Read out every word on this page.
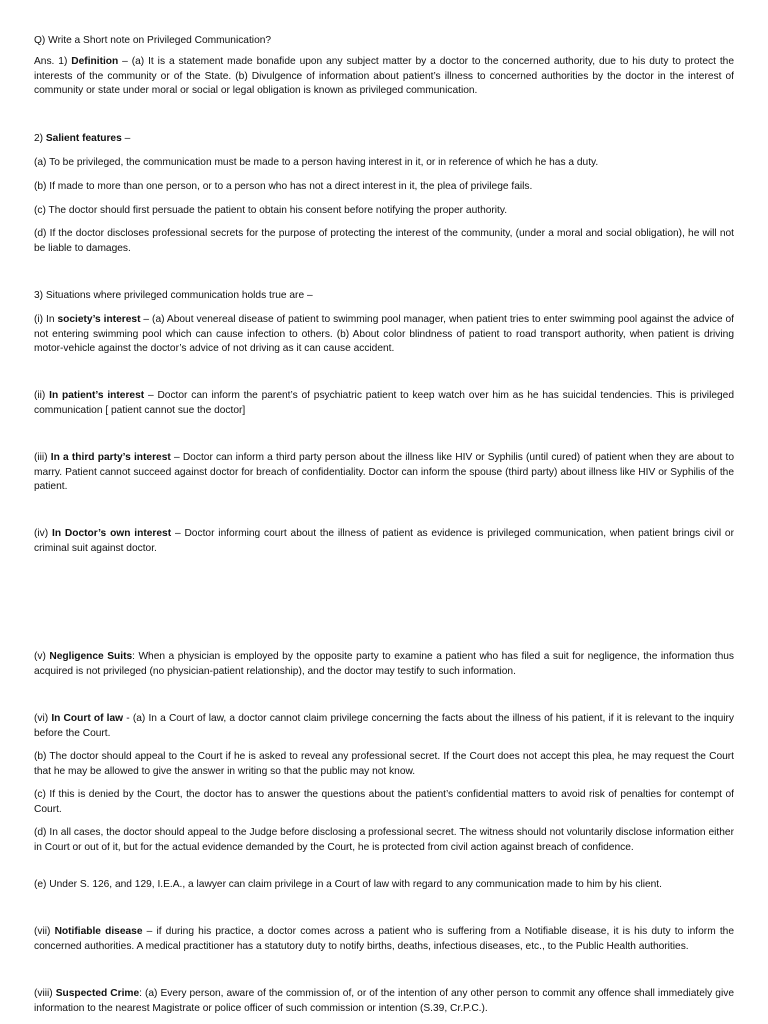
Q) Write a Short note on Privileged Communication?

Ans. 1) Definition – (a) It is a statement made bonafide upon any subject matter by a doctor to the concerned authority, due to his duty to protect the interests of the community or of the State. (b) Divulgence of information about patient’s illness to concerned authorities by the doctor in the interest of community or state under moral or social or legal obligation is known as privileged communication.

2) Salient features –

(a) To be privileged, the communication must be made to a person having interest in it, or in reference of which he has a duty.

(b) If made to more than one person, or to a person who has not a direct interest in it, the plea of privilege fails.

(c) The doctor should first persuade the patient to obtain his consent before notifying the proper authority.

(d) If the doctor discloses professional secrets for the purpose of protecting the interest of the community, (under a moral and social obligation), he will not be liable to damages.

3) Situations where privileged communication holds true are –

(i) In society’s interest – (a) About venereal disease of patient to swimming pool manager, when patient tries to enter swimming pool against the advice of not entering swimming pool which can cause infection to others. (b) About color blindness of patient to road transport authority, when patient is driving motor-vehicle against the doctor’s advice of not driving as it can cause accident.

(ii) In patient’s interest – Doctor can inform the parent’s of psychiatric patient to keep watch over him as he has suicidal tendencies. This is privileged communication [ patient cannot sue the doctor]

(iii) In a third party’s interest – Doctor can inform a third party person about the illness like HIV or Syphilis (until cured) of patient when they are about to marry. Patient cannot succeed against doctor for breach of confidentiality. Doctor can inform the spouse (third party) about illness like HIV or Syphilis of the patient.

(iv) In Doctor’s own interest – Doctor informing court about the illness of patient as evidence is privileged communication, when patient brings civil or criminal suit against doctor.

(v) Negligence Suits: When a physician is employed by the opposite party to examine a patient who has filed a suit for negligence, the information thus acquired is not privileged (no physician-patient relationship), and the doctor may testify to such information.

(vi) In Court of law - (a) In a Court of law, a doctor cannot claim privilege concerning the facts about the illness of his patient, if it is relevant to the inquiry before the Court.

(b) The doctor should appeal to the Court if he is asked to reveal any professional secret. If the Court does not accept this plea, he may request the Court that he may be allowed to give the answer in writing so that the public may not know.

(c) If this is denied by the Court, the doctor has to answer the questions about the patient’s confidential matters to avoid risk of penalties for contempt of Court.

(d) In all cases, the doctor should appeal to the Judge before disclosing a professional secret. The witness should not voluntarily disclose information either in Court or out of it, but for the actual evidence demanded by the Court, he is protected from civil action against breach of confidence.

(e) Under S. 126, and 129, I.E.A., a lawyer can claim privilege in a Court of law with regard to any communication made to him by his client.

(vii) Notifiable disease – if during his practice, a doctor comes across a patient who is suffering from a Notifiable disease, it is his duty to inform the concerned authorities. A medical practitioner has a statutory duty to notify births, deaths, infectious diseases, etc., to the Public Health authorities.

(viii) Suspected Crime: (a) Every person, aware of the commission of, or of the intention of any other person to commit any offence shall immediately give information to the nearest Magistrate or police officer of such commission or intention (S.39, Cr.P.C.).
